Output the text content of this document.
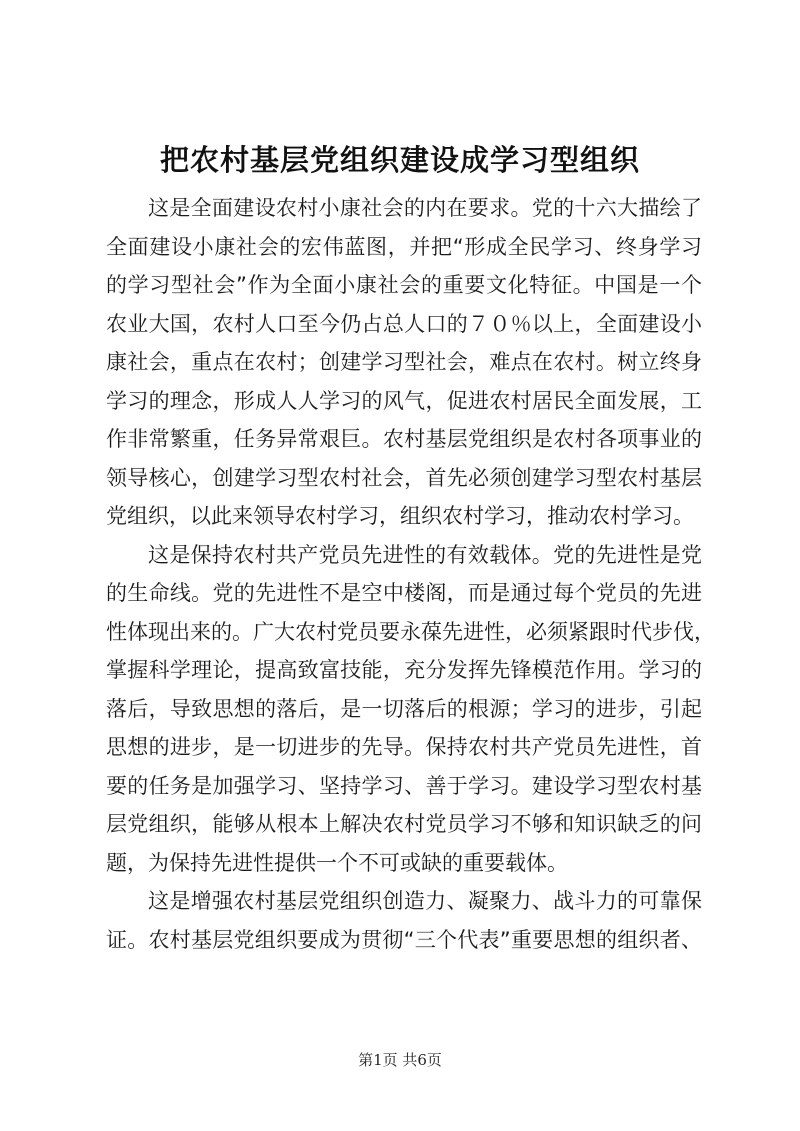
把农村基层党组织建设成学习型组织
这是全面建设农村小康社会的内在要求。党的十六大描绘了
全面建设小康社会的宏伟蓝图，并把“形成全民学习、终身学习
的学习型社会”作为全面小康社会的重要文化特征。中国是一个
农业大国，农村人口至今仍占总人口的７０％以上，全面建设小
康社会，重点在农村；创建学习型社会，难点在农村。树立终身
学习的理念，形成人人学习的风气，促进农村居民全面发展，工
作非常繁重，任务异常艰巨。农村基层党组织是农村各项事业的
领导核心，创建学习型农村社会，首先必须创建学习型农村基层
党组织，以此来领导农村学习，组织农村学习，推动农村学习。
这是保持农村共产党员先进性的有效载体。党的先进性是党
的生命线。党的先进性不是空中楼阁，而是通过每个党员的先进
性体现出来的。广大农村党员要永葆先进性，必须紧跟时代步伐，
掌握科学理论，提高致富技能，充分发挥先锋模范作用。学习的
落后，导致思想的落后，是一切落后的根源；学习的进步，引起
思想的进步，是一切进步的先导。保持农村共产党员先进性，首
要的任务是加强学习、坚持学习、善于学习。建设学习型农村基
层党组织，能够从根本上解决农村党员学习不够和知识缺乏的问
题，为保持先进性提供一个不可或缺的重要载体。
这是增强农村基层党组织创造力、凝聚力、战斗力的可靠保
证。农村基层党组织要成为贯彻“三个代表”重要思想的组织者、
第1页 共6页
